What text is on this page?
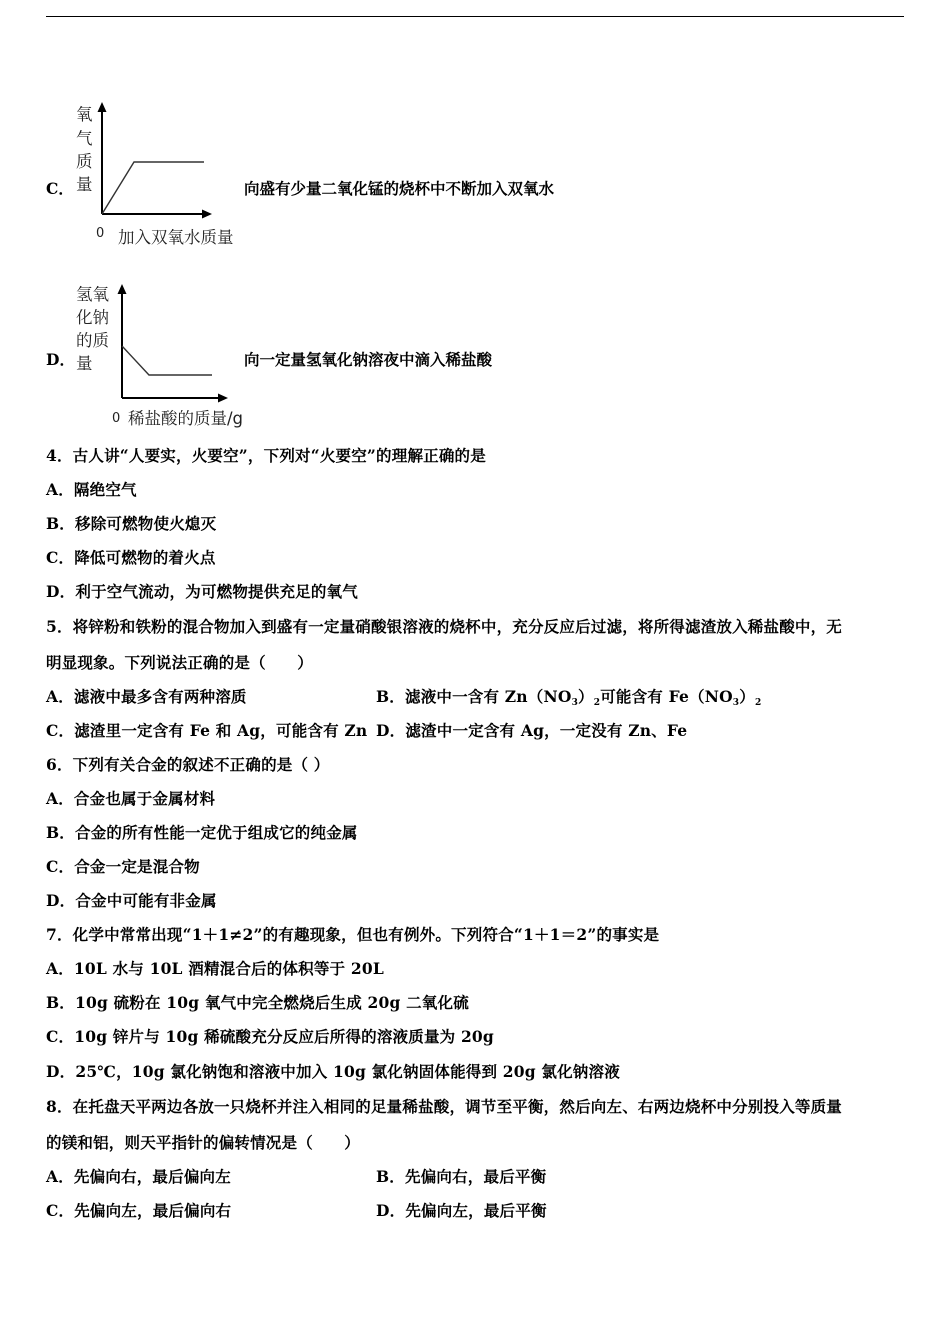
C．
氧
气
质
量
0 加入双氧水质量
向盛有少量二氧化锰的烧杯中不断加入双氧水
D．
氢氧
化钠
的质
量
0 稀盐酸的质量/g
向一定量氢氧化钠溶夜中滴入稀盐酸
4．古人讲“人要实，火要空”，下列对“火要空”的理解正确的是
A．隔绝空气
B．移除可燃物使火熄灭
C．降低可燃物的着火点
D．利于空气流动，为可燃物提供充足的氧气
5．将锌粉和铁粉的混合物加入到盛有一定量硝酸银溶液的烧杯中，充分反应后过滤，将所得滤渣放入稀盐酸中，无
明显现象。下列说法正确的是（　　）
A．滤液中最多含有两种溶质	B．滤液中一含有 $Zn(NO_3)_2$可能含有 $Fe(NO_3)_2$
C．滤渣里一定含有 Fe 和 Ag，可能含有 Zn D．滤渣中一定含有 Ag，一定没有 Zn、Fe
6．下列有关合金的叙述不正确的是（ ）
A．合金也属于金属材料
B．合金的所有性能一定优于组成它的纯金属
C．合金一定是混合物
D．合金中可能有非金属
7．化学中常常出现“1＋1≠2”的有趣现象，但也有例外。下列符合“1＋1＝2”的事实是
A．10L 水与 10L 酒精混合后的体积等于 20L
B．10g 硫粉在 10g 氧气中完全燃烧后生成 20g 二氧化硫
C．10g 锌片与 10g 稀硫酸充分反应后所得的溶液质量为 20g
D．25℃，10g 氯化钠饱和溶液中加入 10g 氯化钠固体能得到 20g 氯化钠溶液
8．在托盘天平两边各放一只烧杯并注入相同的足量稀盐酸，调节至平衡，然后向左、右两边烧杯中分别投入等质量
的镁和铝，则天平指针的偏转情况是（　　）
A．先偏向右，最后偏向左	B．先偏向右，最后平衡
C．先偏向左，最后偏向右	D．先偏向左，最后平衡
